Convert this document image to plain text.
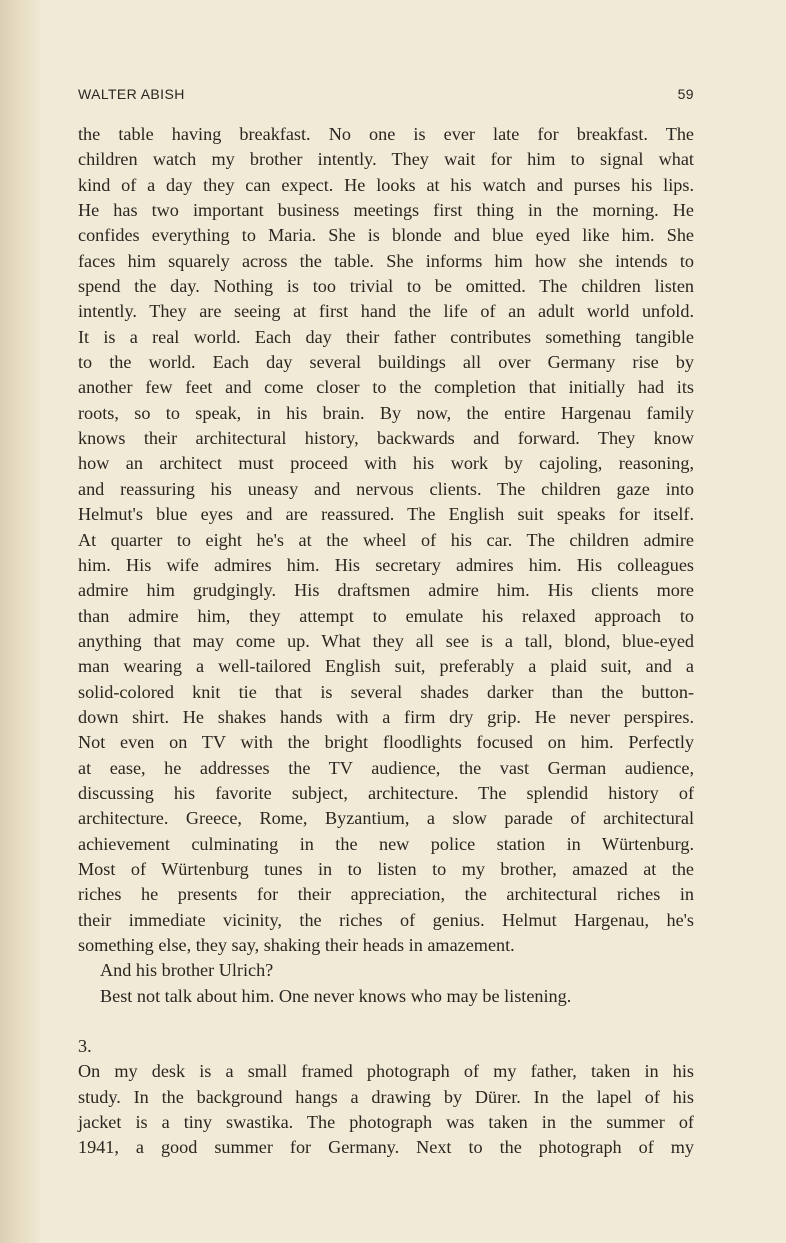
WALTER ABISH	59
the table having breakfast. No one is ever late for breakfast. The
children watch my brother intently. They wait for him to signal what
kind of a day they can expect. He looks at his watch and purses his lips.
He has two important business meetings first thing in the morning. He
confides everything to Maria. She is blonde and blue eyed like him. She
faces him squarely across the table. She informs him how she intends to
spend the day. Nothing is too trivial to be omitted. The children listen
intently. They are seeing at first hand the life of an adult world unfold.
It is a real world. Each day their father contributes something tangible
to the world. Each day several buildings all over Germany rise by
another few feet and come closer to the completion that initially had its
roots, so to speak, in his brain. By now, the entire Hargenau family
knows their architectural history, backwards and forward. They know
how an architect must proceed with his work by cajoling, reasoning,
and reassuring his uneasy and nervous clients. The children gaze into
Helmut's blue eyes and are reassured. The English suit speaks for itself.
At quarter to eight he's at the wheel of his car. The children admire
him. His wife admires him. His secretary admires him. His colleagues
admire him grudgingly. His draftsmen admire him. His clients more
than admire him, they attempt to emulate his relaxed approach to
anything that may come up. What they all see is a tall, blond, blue-eyed
man wearing a well-tailored English suit, preferably a plaid suit, and a
solid-colored knit tie that is several shades darker than the button-
down shirt. He shakes hands with a firm dry grip. He never perspires.
Not even on TV with the bright floodlights focused on him. Perfectly
at ease, he addresses the TV audience, the vast German audience,
discussing his favorite subject, architecture. The splendid history of
architecture. Greece, Rome, Byzantium, a slow parade of architectural
achievement culminating in the new police station in Würtenburg.
Most of Würtenburg tunes in to listen to my brother, amazed at the
riches he presents for their appreciation, the architectural riches in
their immediate vicinity, the riches of genius. Helmut Hargenau, he's
something else, they say, shaking their heads in amazement.
And his brother Ulrich?
Best not talk about him. One never knows who may be listening.
3.
On my desk is a small framed photograph of my father, taken in his
study. In the background hangs a drawing by Dürer. In the lapel of his
jacket is a tiny swastika. The photograph was taken in the summer of
1941, a good summer for Germany. Next to the photograph of my
